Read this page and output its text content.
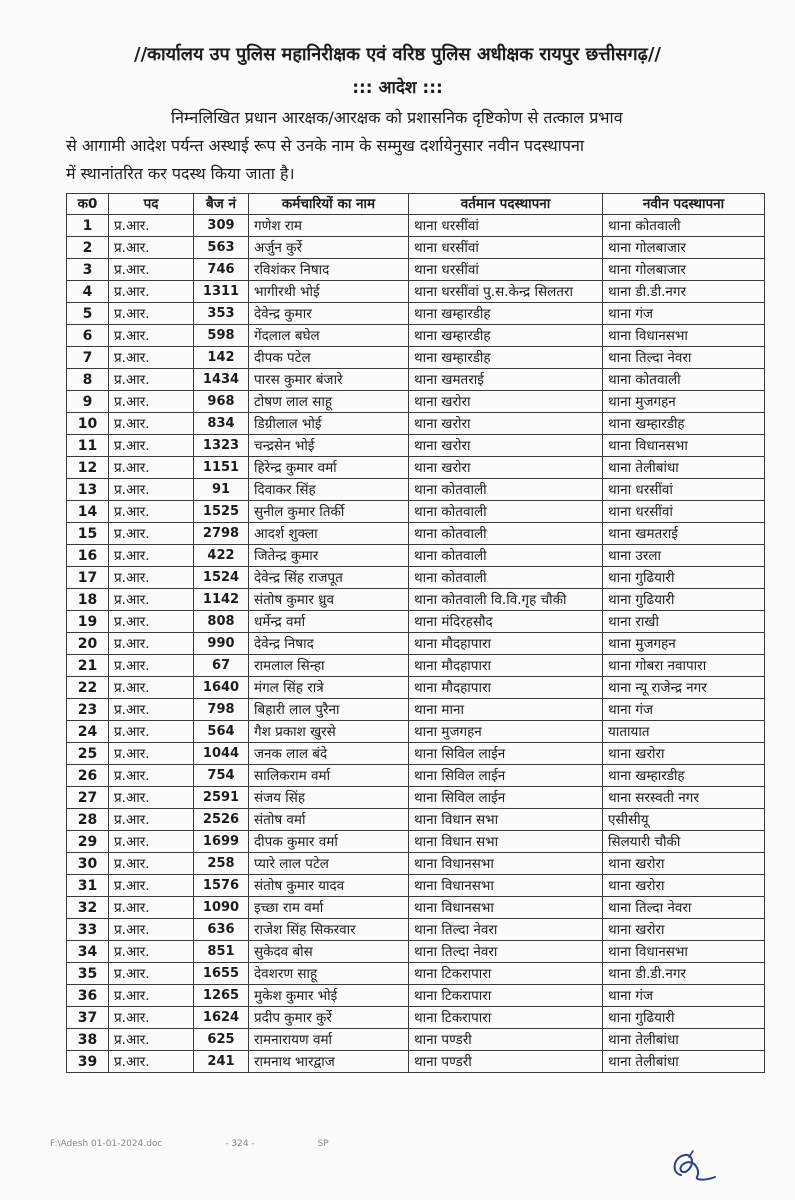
//कार्यालय उप पुलिस महानिरीक्षक एवं वरिष्ठ पुलिस अधीक्षक रायपुर छत्तीसगढ़//
::: आदेश :::

निम्नलिखित प्रधान आरक्षक/आरक्षक को प्रशासनिक दृष्टिकोण से तत्काल प्रभाव
से आगामी आदेश पर्यन्त अस्थाई रूप से उनके नाम के सम्मुख दर्शायेनुसार नवीन पदस्थापना
में स्थानांतरित कर पदस्थ किया जाता है।

क0	पद	बैज नं	कर्मचारियों का नाम	वर्तमान पदस्थापना	नवीन पदस्थापना
1	प्र.आर.	309	गणेश राम	थाना धरसींवां	थाना कोतवाली
2	प्र.आर.	563	अर्जुन कुर्रे	थाना धरसींवां	थाना गोलबाजार
3	प्र.आर.	746	रविशंकर निषाद	थाना धरसींवां	थाना गोलबाजार
4	प्र.आर.	1311	भागीरथी भोई	थाना धरसींवां पु.स.केन्द्र सिलतरा	थाना डी.डी.नगर
5	प्र.आर.	353	देवेन्द्र कुमार	थाना खम्हारडीह	थाना गंज
6	प्र.आर.	598	गेंदलाल बघेल	थाना खम्हारडीह	थाना विधानसभा
7	प्र.आर.	142	दीपक पटेल	थाना खम्हारडीह	थाना तिल्दा नेवरा
8	प्र.आर.	1434	पारस कुमार बंजारे	थाना खमतराई	थाना कोतवाली
9	प्र.आर.	968	टोषण लाल साहू	थाना खरोरा	थाना मुजगहन
10	प्र.आर.	834	डिग्रीलाल भोई	थाना खरोरा	थाना खम्हारडीह
11	प्र.आर.	1323	चन्द्रसेन भोई	थाना खरोरा	थाना विधानसभा
12	प्र.आर.	1151	हिरेन्द्र कुमार वर्मा	थाना खरोरा	थाना तेलीबांधा
13	प्र.आर.	91	दिवाकर सिंह	थाना कोतवाली	थाना धरसींवां
14	प्र.आर.	1525	सुनील कुमार तिर्की	थाना कोतवाली	थाना धरसींवां
15	प्र.आर.	2798	आदर्श शुक्ला	थाना कोतवाली	थाना खमतराई
16	प्र.आर.	422	जितेन्द्र कुमार	थाना कोतवाली	थाना उरला
17	प्र.आर.	1524	देवेन्द्र सिंह राजपूत	थाना कोतवाली	थाना गुढियारी
18	प्र.आर.	1142	संतोष कुमार ध्रुव	थाना कोतवाली वि.वि.गृह चौकी	थाना गुढियारी
19	प्र.आर.	808	धर्मेन्द्र वर्मा	थाना मंदिरहसौद	थाना राखी
20	प्र.आर.	990	देवेन्द्र निषाद	थाना मौदहापारा	थाना मुजगहन
21	प्र.आर.	67	रामलाल सिन्हा	थाना मौदहापारा	थाना गोबरा नवापारा
22	प्र.आर.	1640	मंगल सिंह रात्रे	थाना मौदहापारा	थाना न्यू राजेन्द्र नगर
23	प्र.आर.	798	बिहारी लाल पुरैना	थाना माना	थाना गंज
24	प्र.आर.	564	गैश प्रकाश खुरसे	थाना मुजगहन	यातायात
25	प्र.आर.	1044	जनक लाल बंदे	थाना सिविल लाईन	थाना खरोरा
26	प्र.आर.	754	सालिकराम वर्मा	थाना सिविल लाईन	थाना खम्हारडीह
27	प्र.आर.	2591	संजय सिंह	थाना सिविल लाईन	थाना सरस्वती नगर
28	प्र.आर.	2526	संतोष वर्मा	थाना विधान सभा	एसीसीयू
29	प्र.आर.	1699	दीपक कुमार वर्मा	थाना विधान सभा	सिलयारी चौकी
30	प्र.आर.	258	प्यारे लाल पटेल	थाना विधानसभा	थाना खरोरा
31	प्र.आर.	1576	संतोष कुमार यादव	थाना विधानसभा	थाना खरोरा
32	प्र.आर.	1090	इच्छा राम वर्मा	थाना विधानसभा	थाना तिल्दा नेवरा
33	प्र.आर.	636	राजेश सिंह सिकरवार	थाना तिल्दा नेवरा	थाना खरोरा
34	प्र.आर.	851	सुकेदव बोस	थाना तिल्दा नेवरा	थाना विधानसभा
35	प्र.आर.	1655	देवशरण साहू	थाना टिकरापारा	थाना डी.डी.नगर
36	प्र.आर.	1265	मुकेश कुमार भोई	थाना टिकरापारा	थाना गंज
37	प्र.आर.	1624	प्रदीप कुमार कुर्रे	थाना टिकरापारा	थाना गुढियारी
38	प्र.आर.	625	रामनारायण वर्मा	थाना पण्डरी	थाना तेलीबांधा
39	प्र.आर.	241	रामनाथ भारद्वाज	थाना पण्डरी	थाना तेलीबांधा
F:\Adesh 01-01-2024.doc	- 324 -	SP
